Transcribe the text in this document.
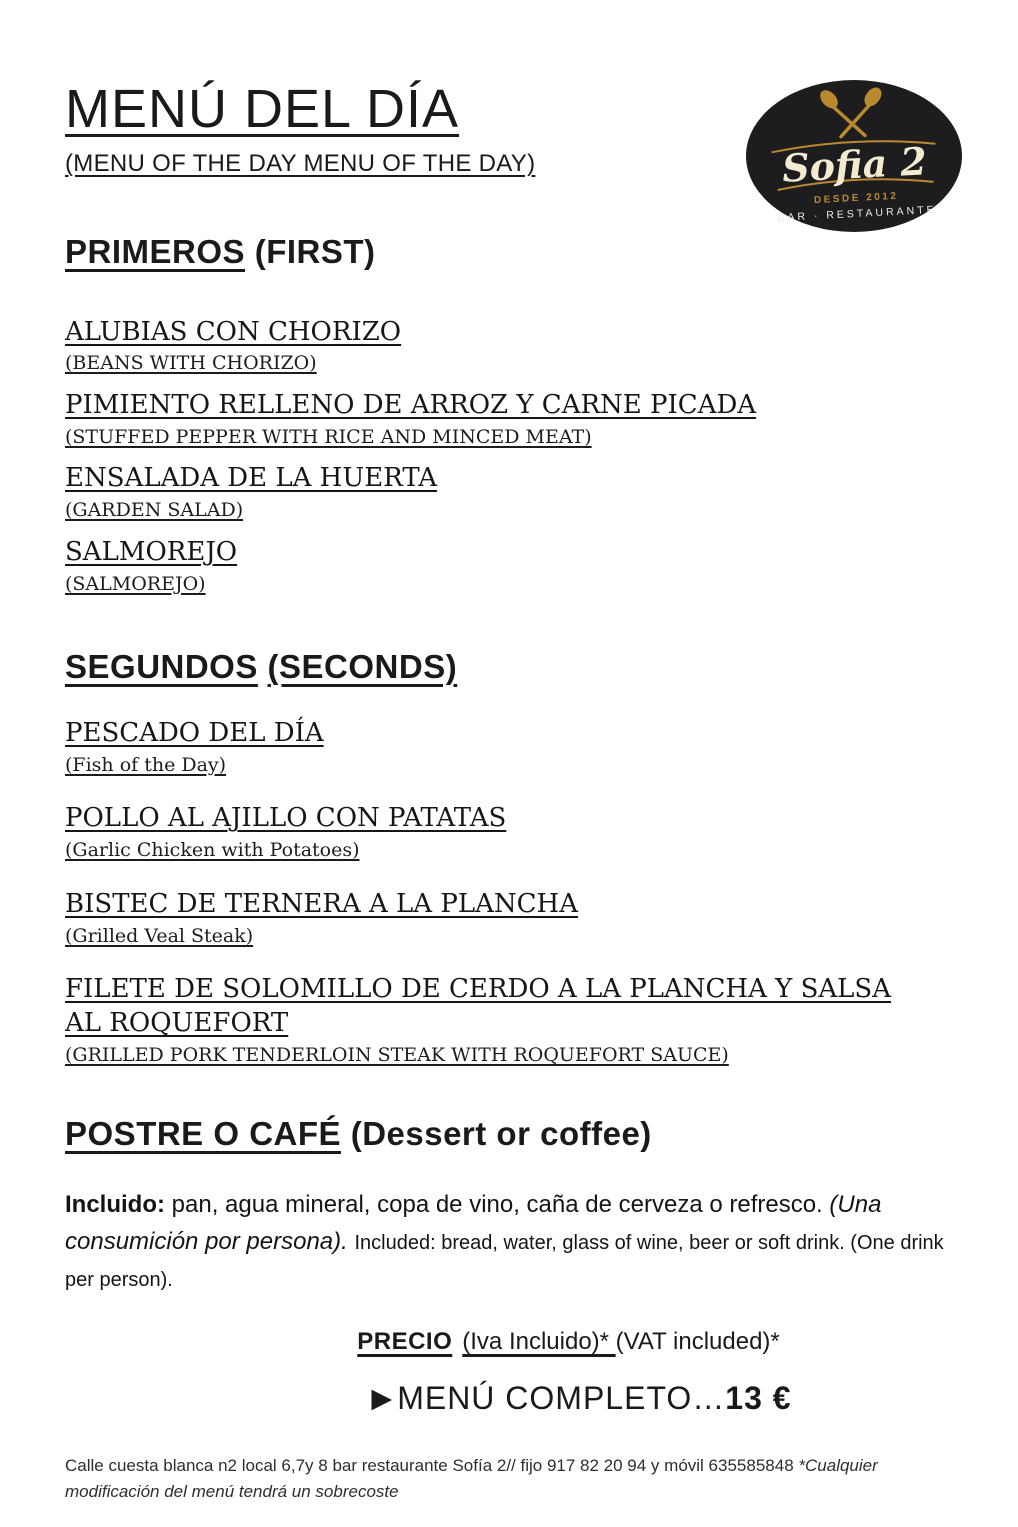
MENÚ DEL DÍA
(MENU OF THE DAY MENU OF THE DAY)
PRIMEROS (FIRST)
ALUBIAS CON CHORIZO
(BEANS WITH CHORIZO)
PIMIENTO RELLENO DE ARROZ Y CARNE PICADA
(STUFFED PEPPER WITH RICE AND MINCED MEAT)
ENSALADA DE LA HUERTA
(GARDEN SALAD)
SALMOREJO
(SALMOREJO)
SEGUNDOS (SECONDS)
PESCADO DEL DÍA
(Fish of the Day)
POLLO AL AJILLO CON PATATAS
(Garlic Chicken with Potatoes)
BISTEC DE TERNERA A LA PLANCHA
(Grilled Veal Steak)
FILETE DE SOLOMILLO DE CERDO A LA PLANCHA Y SALSA AL ROQUEFORT
(GRILLED PORK TENDERLOIN STEAK WITH ROQUEFORT SAUCE)
POSTRE O CAFÉ (Dessert or coffee)

Incluido: pan, agua mineral, copa de vino, caña de cerveza o refresco. (Una consumición por persona). Included: bread, water, glass of wine, beer or soft drink. (One drink per person).

PRECIO (Iva Incluido)* (VAT included)*
▶ MENÚ COMPLETO…13 €

Calle cuesta blanca n2 local 6,7y 8 bar restaurante Sofía 2// fijo 917 82 20 94 y móvil 635585848 *Cualquier modificación del menú tendrá un sobrecoste

Sofia 2
DESDE 2012
BAR · RESTAURANTE
